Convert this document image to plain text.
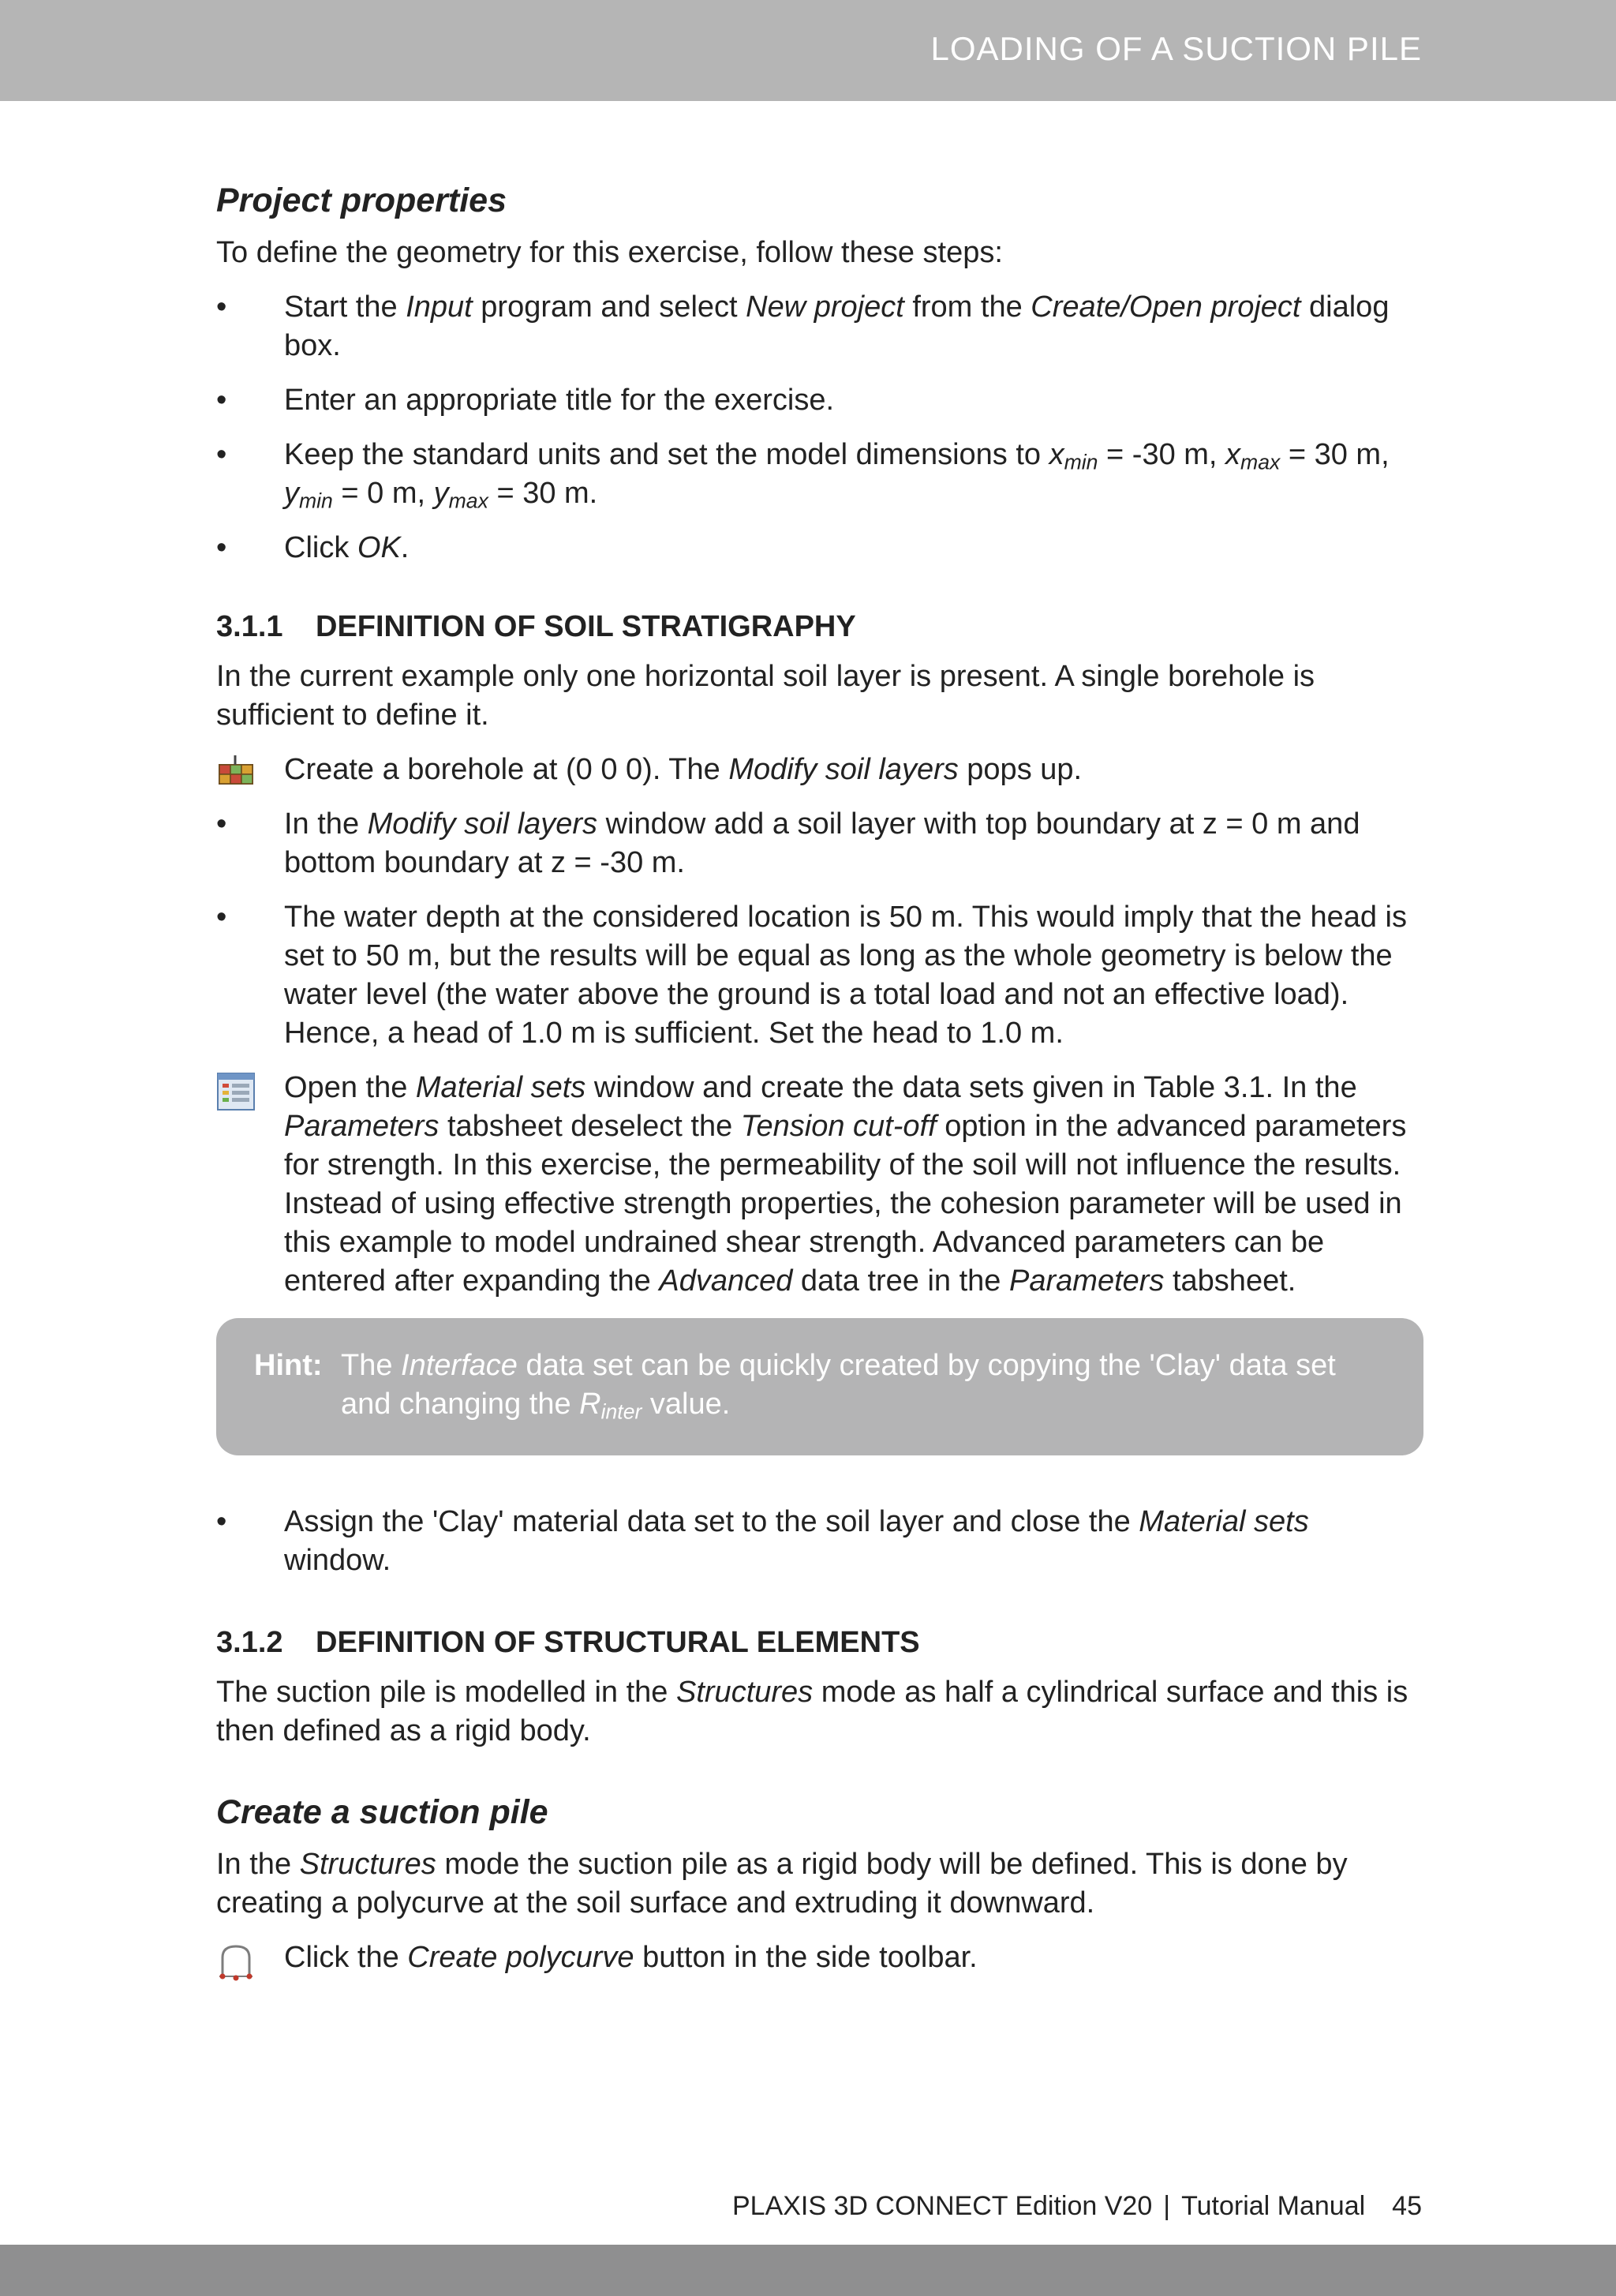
LOADING OF A SUCTION PILE
Project properties

To define the geometry for this exercise, follow these steps:

• Start the Input program and select New project from the Create/Open project dialog box.
• Enter an appropriate title for the exercise.
• Keep the standard units and set the model dimensions to $x_{min} = -30$ m, $x_{max} = 30$ m, $y_{min} = 0$ m, $y_{max} = 30$ m.
• Click OK.
3.1.1 DEFINITION OF SOIL STRATIGRAPHY

In the current example only one horizontal soil layer is present. A single borehole is sufficient to define it.

Create a borehole at (0 0 0). The Modify soil layers pops up.
• In the Modify soil layers window add a soil layer with top boundary at z = 0 m and bottom boundary at z = -30 m.
• The water depth at the considered location is 50 m. This would imply that the head is set to 50 m, but the results will be equal as long as the whole geometry is below the water level (the water above the ground is a total load and not an effective load). Hence, a head of 1.0 m is sufficient. Set the head to 1.0 m.
Open the Material sets window and create the data sets given in Table 3.1. In the Parameters tabsheet deselect the Tension cut-off option in the advanced parameters for strength. In this exercise, the permeability of the soil will not influence the results. Instead of using effective strength properties, the cohesion parameter will be used in this example to model undrained shear strength. Advanced parameters can be entered after expanding the Advanced data tree in the Parameters tabsheet.
Hint: The Interface data set can be quickly created by copying the 'Clay' data set and changing the $R_{inter}$ value.
• Assign the 'Clay' material data set to the soil layer and close the Material sets window.
3.1.2 DEFINITION OF STRUCTURAL ELEMENTS

The suction pile is modelled in the Structures mode as half a cylindrical surface and this is then defined as a rigid body.

Create a suction pile

In the Structures mode the suction pile as a rigid body will be defined. This is done by creating a polycurve at the soil surface and extruding it downward.

Click the Create polycurve button in the side toolbar.
PLAXIS 3D CONNECT Edition V20 | Tutorial Manual 45
